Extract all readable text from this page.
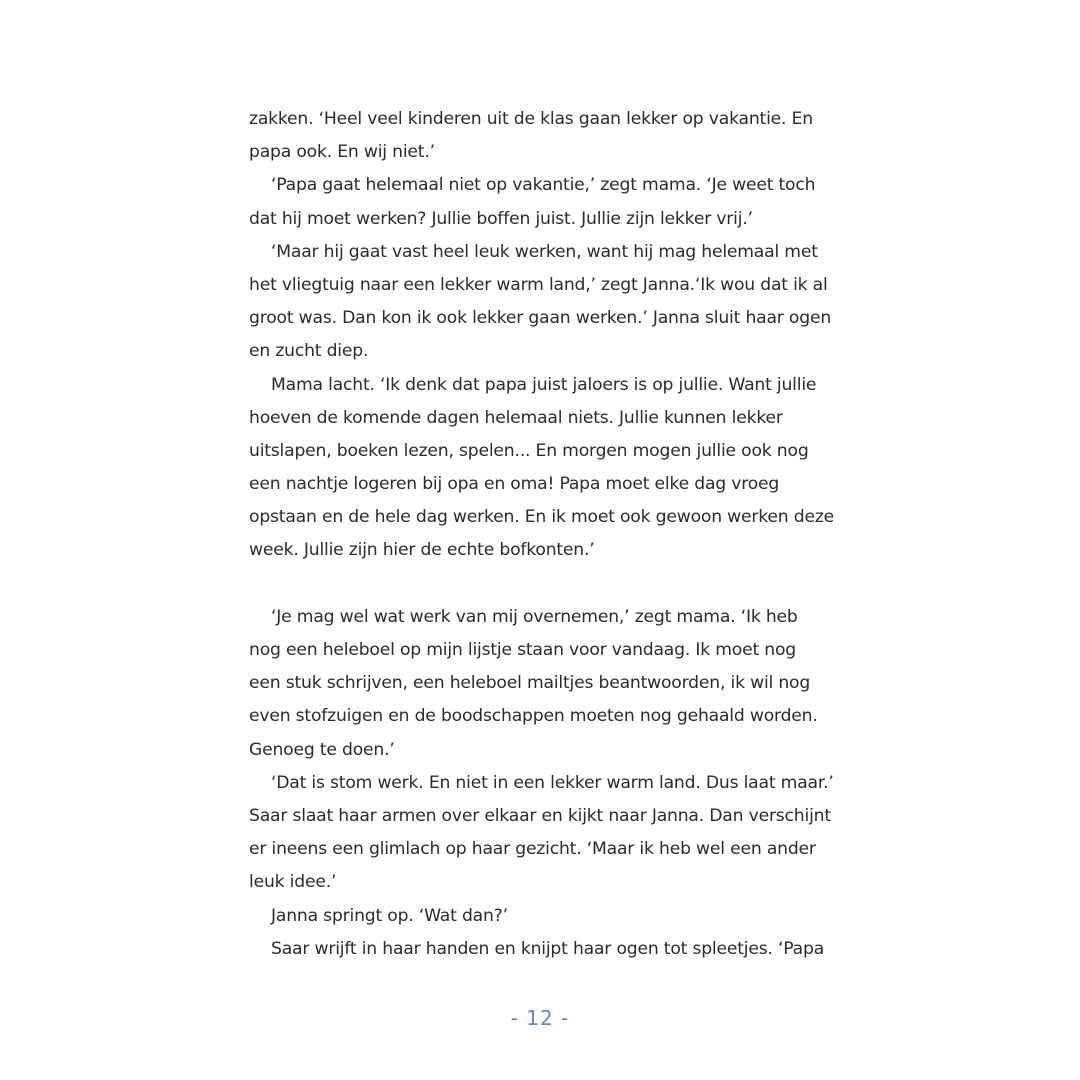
zakken. ‘Heel veel kinderen uit de klas gaan lekker op vakantie. En
papa ook. En wij niet.’
‘Papa gaat helemaal niet op vakantie,’ zegt mama. ‘Je weet toch
dat hij moet werken? Jullie boffen juist. Jullie zijn lekker vrij.’
‘Maar hij gaat vast heel leuk werken, want hij mag helemaal met
het vliegtuig naar een lekker warm land,’ zegt Janna.‘Ik wou dat ik al
groot was. Dan kon ik ook lekker gaan werken.’ Janna sluit haar ogen
en zucht diep.
Mama lacht. ‘Ik denk dat papa juist jaloers is op jullie. Want jullie
hoeven de komende dagen helemaal niets. Jullie kunnen lekker
uitslapen, boeken lezen, spelen... En morgen mogen jullie ook nog
een nachtje logeren bij opa en oma! Papa moet elke dag vroeg
opstaan en de hele dag werken. En ik moet ook gewoon werken deze
week. Jullie zijn hier de echte bofkonten.’
‘Je mag wel wat werk van mij overnemen,’ zegt mama. ‘Ik heb
nog een heleboel op mijn lijstje staan voor vandaag. Ik moet nog
een stuk schrijven, een heleboel mailtjes beantwoorden, ik wil nog
even stofzuigen en de boodschappen moeten nog gehaald worden.
Genoeg te doen.’
‘Dat is stom werk. En niet in een lekker warm land. Dus laat maar.’
Saar slaat haar armen over elkaar en kijkt naar Janna. Dan verschijnt
er ineens een glimlach op haar gezicht. ‘Maar ik heb wel een ander
leuk idee.’
Janna springt op. ‘Wat dan?’
Saar wrijft in haar handen en knijpt haar ogen tot spleetjes. ‘Papa
- 12 -
